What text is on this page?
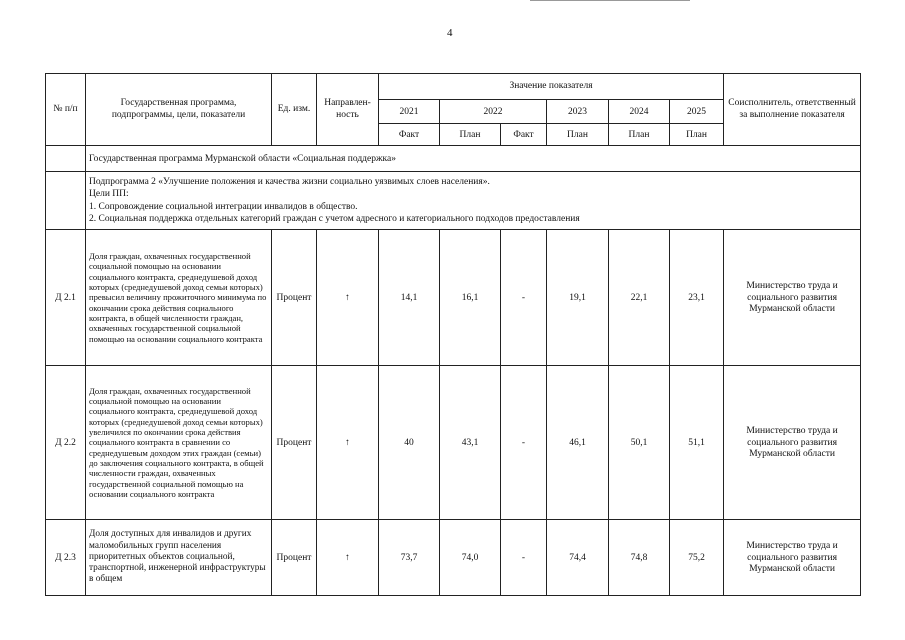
4
№ п/п	Государственная программа, подпрограммы, цели, показатели	Ед. изм.	Направлен-ность	Значение показателя						Соисполнитель, ответственный за выполнение показателя
				2021	2022		2023	2024	2025	
				Факт	План	Факт	План	План	План	
	Государственная программа Мурманской области «Социальная поддержка»									

	Подпрограмма 2 «Улучшение положения и качества жизни социально уязвимых слоев населения».

Цели ПП:

1. Сопровождение социальной интеграции инвалидов в общество.

2. Социальная поддержка отдельных категорий граждан с учетом адресного и категориального подходов предоставления									

Д 2.1	Доля граждан, охваченных государственной социальной помощью на основании социального контракта, среднедушевой доход которых (среднедушевой доход семьи которых) превысил величину прожиточного минимума по окончании срока действия социального контракта, в общей численности граждан, охваченных государственной социальной помощью на основании социального контракта	Процент	↑	14,1	16,1	-	19,1	22,1	23,1	Министерство труда и социального развития Мурманской области
Д 2.2	Доля граждан, охваченных государственной социальной помощью на основании социального контракта, среднедушевой доход которых (среднедушевой доход семьи которых) увеличился по окончании срока действия социального контракта в сравнении со среднедушевым доходом этих граждан (семьи) до заключения социального контракта, в общей численности граждан, охваченных государственной социальной помощью на основании социального контракта	Процент	↑	40	43,1	-	46,1	50,1	51,1	Министерство труда и социального развития Мурманской области
Д 2.3	Доля доступных для инвалидов и других маломобильных групп населения приоритетных объектов социальной, транспортной, инженерной инфраструктуры в общем	Процент	↑	73,7	74,0	-	74,4	74,8	75,2	Министерство труда и социального развития Мурманской области
